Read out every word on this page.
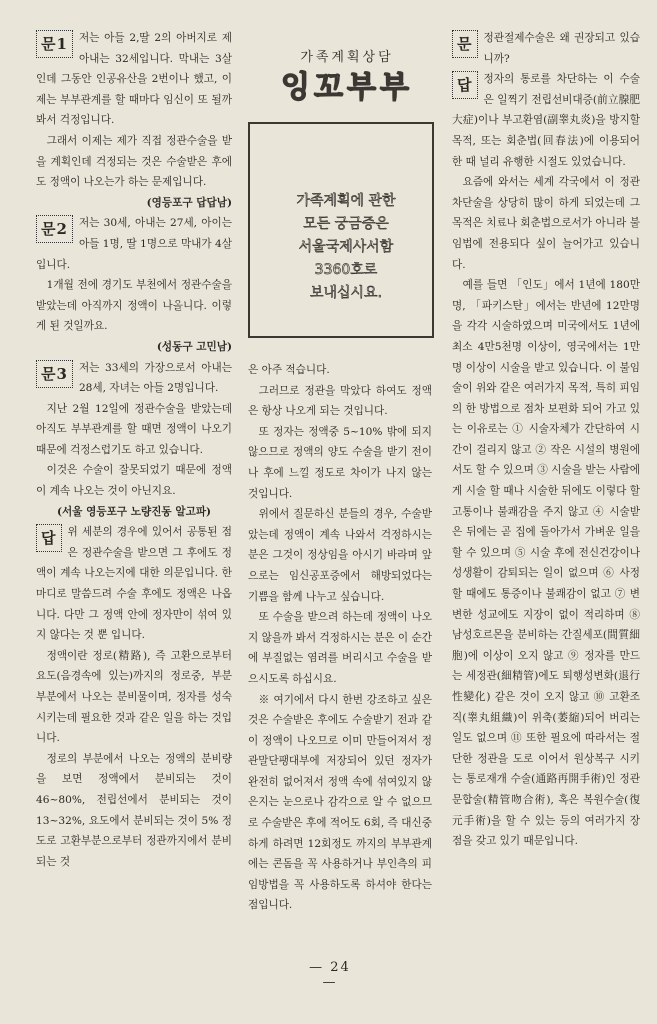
문1	저는 아들 2,딸 2의 아버지로 제 아내는 32세입니다. 막내는 3살인데 그동안 인공유산을 2번이나 했고, 이제는 부부관계를 할 때마다 임신이 또 될까 봐서 걱정입니다.

그래서 이제는 제가 직접 정관수술을 받을 계획인데 걱정되는 것은 수술받은 후에도 정액이 나오는가 하는 문제입니다.

(영등포구 답답남)

문2	저는 30세, 아내는 27세, 아이는 아들 1명, 딸 1명으로 막내가 4살입니다.

1개월 전에 경기도 부천에서 정관수술을 받았는데 아직까지 정액이 나올니다. 이렇게 된 것일까요.

(성동구 고민남)

문3	저는 33세의 가장으로서 아내는 28세, 자녀는 아들 2명입니다.

지난 2월 12일에 정관수술을 받았는데 아직도 부부관계를 할 때면 정액이 나오기 때문에 걱정스럽기도 하고 있습니다.

이것은 수술이 잘못되었기 때문에 정액이 계속 나오는 것이 아닌지요.

(서울 영등포구 노량진동 알고파)

답	위 세분의 경우에 있어서 공통된 점은 정관수술을 받으면 그 후에도 정액이 계속 나오는지에 대한 의문입니다. 한마디로 말씀드려 수술 후에도 정액은 나옵니다. 다만 그 정액 안에 정자만이 섞여 있지 않다는 것 뿐 입니다.

정액이란 정로(精路), 즉 고환으로부터 요도(음경속에 있는)까지의 정로중, 부분 부분에서 나오는 분비물이며, 정자를 성숙시키는데 필요한 것과 같은 일을 하는 것입니다.

정로의 부분에서 나오는 정액의 분비량을 보면 정액에서 분비되는 것이 46~80%, 전립선에서 분비되는 것이 13~32%, 요도에서 분비되는 것이 5% 정도로 고환부분으로부터 정관까지에서 분비되는 것

가족계획상담
잉꼬부부
가족계획에 관한
모든 궁금증은
서울국제사서함
3360호로
보내십시요.

은 아주 적습니다.

그러므로 정관을 막았다 하여도 정액은 항상 나오게 되는 것입니다.

또 정자는 정액중 5~10% 밖에 되지 않으므로 정액의 양도 수술을 받기 전이나 후에 느낄 정도로 차이가 나지 않는 것입니다.

위에서 질문하신 분들의 경우, 수술받았는데 정액이 계속 나와서 걱정하시는 분은 그것이 정상임을 아시기 바라며 앞으로는 임신공포증에서 해방되었다는 기쁨을 함께 나누고 싶습니다.

또 수술을 받으려 하는데 정액이 나오지 않을까 봐서 걱정하시는 분은 이 순간에 부질없는 염려를 버리시고 수술을 받으시도록 하십시요.

※ 여기에서 다시 한번 강조하고 싶은 것은 수술받은 후에도 수술받기 전과 같이 정액이 나오므로 이미 만들어져서 정관말단팽대부에 저장되어 있던 정자가 완전히 없어져서 정액 속에 섞여있지 않은지는 눈으로나 감각으로 알 수 없으므로 수술받은 후에 적어도 6회, 즉 대신중하게 하려면 12회정도 까지의 부부관계에는 콘돔을 꼭 사용하거나 부인측의 피임방법을 꼭 사용하도록 하셔야 한다는 점입니다.

문	정관절제수술은 왜 권장되고 있습니까?

답	정자의 통로를 차단하는 이 수술은 일찍기 전립선비대증(前立腺肥大症)이나 부고환염(副睾丸炎)을 방지할 목적, 또는 회춘법(回春法)에 이용되어 한 때 널리 유행한 시절도 있었습니다.

요즘에 와서는 세계 각국에서 이 정관차단술을 상당히 많이 하게 되었는데 그 목적은 치료나 회춘법으로서가 아니라 불임법에 전용되다 싶이 늘어가고 있습니다.

예를 들면 「인도」에서 1년에 180만명, 「파키스탄」에서는 반년에 12만명을 각각 시술하였으며 미국에서도 1년에 최소 4만5천명 이상이, 영국에서는 1만명 이상이 시술을 받고 있습니다. 이 불임술이 위와 같은 여러가지 목적, 특히 피임의 한 방법으로 점차 보편화 되어 가고 있는 이유로는 ① 시술자체가 간단하여 시간이 걸리지 않고 ② 작은 시설의 병원에서도 할 수 있으며 ③ 시술을 받는 사람에게 시술 할 때나 시술한 뒤에도 이렇다 할 고통이나 불쾌감을 주지 않고 ④ 시술받은 뒤에는 곧 집에 돌아가서 가벼운 일을 할 수 있으며 ⑤ 시술 후에 전신건강이나 성생활이 감퇴되는 일이 없으며 ⑥ 사정할 때에도 통증이나 불쾌감이 없고 ⑦ 변변한 성교에도 지장이 없이 적리하며 ⑧ 남성호르몬을 분비하는 간질세포(間質細胞)에 이상이 오지 않고 ⑨ 정자를 만드는 세정관(細精管)에도 퇴행성변화(退行性變化) 같은 것이 오지 않고 ⑩ 고환조직(睾丸組織)이 위축(萎縮)되어 버리는 일도 없으며 ⑪ 또한 필요에 따라서는 절단한 정관을 도로 이어서 원상복구 시키는 통로재개 수술(通路再開手術)인 정관문합술(精管吻合術), 혹은 복원수술(復元手術)을 할 수 있는 등의 여러가지 장점을 갖고 있기 때문입니다.

— 24 —
